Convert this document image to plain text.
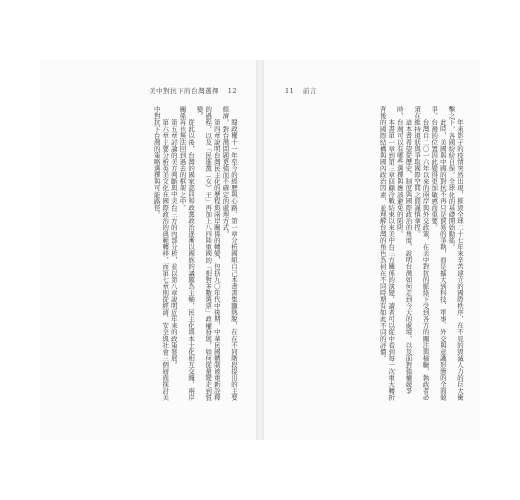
美中對抗下的台灣選擇 12

閱政權十一年至今的經歷與心路，第一章分析國組自己本書書集顯熱脫，在在不同階段提出的主要經濟，對台灣問題更強而不確定的處理方式。

第四章說明台灣民主化的歷程與兩岸關係的轉變，包括九〇年代中後期，中華民國體制被重新詮釋的過程，以及「民進黨（女）王」再加上八四陸重國的「相對多數選票」政權發展，如何從量變走到質變。

從此以後，台灣的國家認同和政黨政治逐漸以國族的議題為主軸，民主化與本土化相互交織，兩岸關係再也無法回到過去的框架之中。

第五章討論的美方判斷與中美台三方的內部分析，並以第八章說明近年來的政策發展。

第六章主要分析英美文化在國際政治的典範轉移，而第七章則從經濟、安全與社會三個層面探討美中對抗下台灣的策略選擇與可能路徑。

11 前言

年來影子的疫情突然出現，摧毀全球二十七年來辛苦建立的國際秩序，在不見的毀滅人力的巨大衝擊之下，各國紛紛自保，全球化的基礎開始動搖。

此時，美國與中國的對抗不再只是貿易的爭執，而是擴大到科技、軍事、外交與意識形態的全面競爭，台灣的位置因此變得更加敏感而重要。

台灣自二〇一六年以來的兩岸與外交政策，在美中對抗的脈絡下受到各方的關注與檢驗，執政者必須在維持現狀與爭取國際空間之間謹慎拿捏。

這本書希望從歷史、制度與國際政治的角度，說明台灣如何走到今天的處境，以及面對強權競爭時，台灣可以有哪些選擇與應該避免的陷阱。

本書第一章到第三章回顧冷戰結束以來美中台三方關係的演變，讀者可以從中看到每一次重大轉折背後的國際結構與國內政治因素，並理解台灣的角色為何在不同時期有如此不同的評價。
